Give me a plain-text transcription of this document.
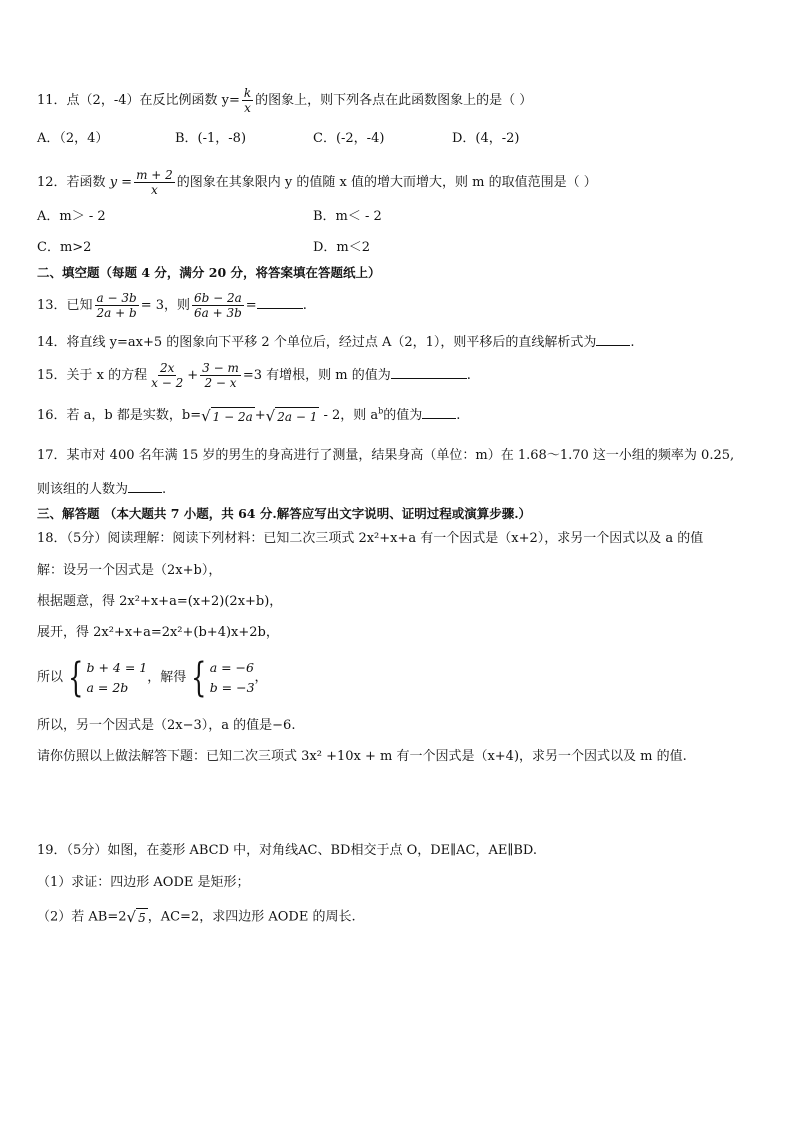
11．点（2，-4）在反比例函数 $y= \frac{k}{x}$ 的图象上，则下列各点在此函数图象上的是（ ）
A．（2，4）	B．(-1，-8)	C．(-2，-4)	D．(4，-2)
12．若函数 $y = \frac{m + 2}{x}$ 的图象在其象限内 y 的值随 x 值的增大而增大，则 m 的取值范围是（ ）
A．m＞ - 2	B．m＜ - 2
C．m>2	D．m＜2
二、填空题（每题 4 分，满分 20 分，将答案填在答题纸上）
13．已知 $\frac{a - 3b}{2a + b} = 3$，则 $\frac{6b - 2a}{6a + 3b}$ =	.
14．将直线 y=ax+5 的图象向下平移 2 个单位后，经过点 A（2，1），则平移后的直线解析式为	.
15．关于 x 的方程 $\frac{2x}{x - 2} + \frac{3 - m}{2 - x} =3$ 有增根，则 m 的值为	.
16．若 a，b 都是实数，b= √ 1 − 2a + √ 2a − 1 - 2，则 $a^b$的值为	.
17．某市对 400 名年满 15 岁的男生的身高进行了测量，结果身高（单位：m）在 1.68～1.70 这一小组的频率为 0.25,
则该组的人数为	.
三、解答题 （本大题共 7 小题，共 64 分.解答应写出文字说明、证明过程或演算步骤.）
18．（5分）阅读理解：阅读下列材料：已知二次三项式 2x²+x+a 有一个因式是（x+2），求另一个因式以及 a 的值
解：设另一个因式是（2x+b），
根据题意，得 2x²+x+a=(x+2)(2x+b)，
展开，得 2x²+x+a=2x²+(b+4)x+2b，
所以 { b + 4 = 1
a = 2b
，解得 { a = −6
b = −3
，
所以，另一个因式是（2x−3），a 的值是−6.
请你仿照以上做法解答下题：已知二次三项式 3x² +10x + m 有一个因式是（x+4)，求另一个因式以及 m 的值.
19．（5分）如图，在菱形 ABCD 中，对角线AC、BD相交于点 O，DE∥AC，AE∥BD.
（1）求证：四边形 AODE 是矩形；
（2）若 AB=2 √ 5 ，AC=2，求四边形 AODE 的周长.
